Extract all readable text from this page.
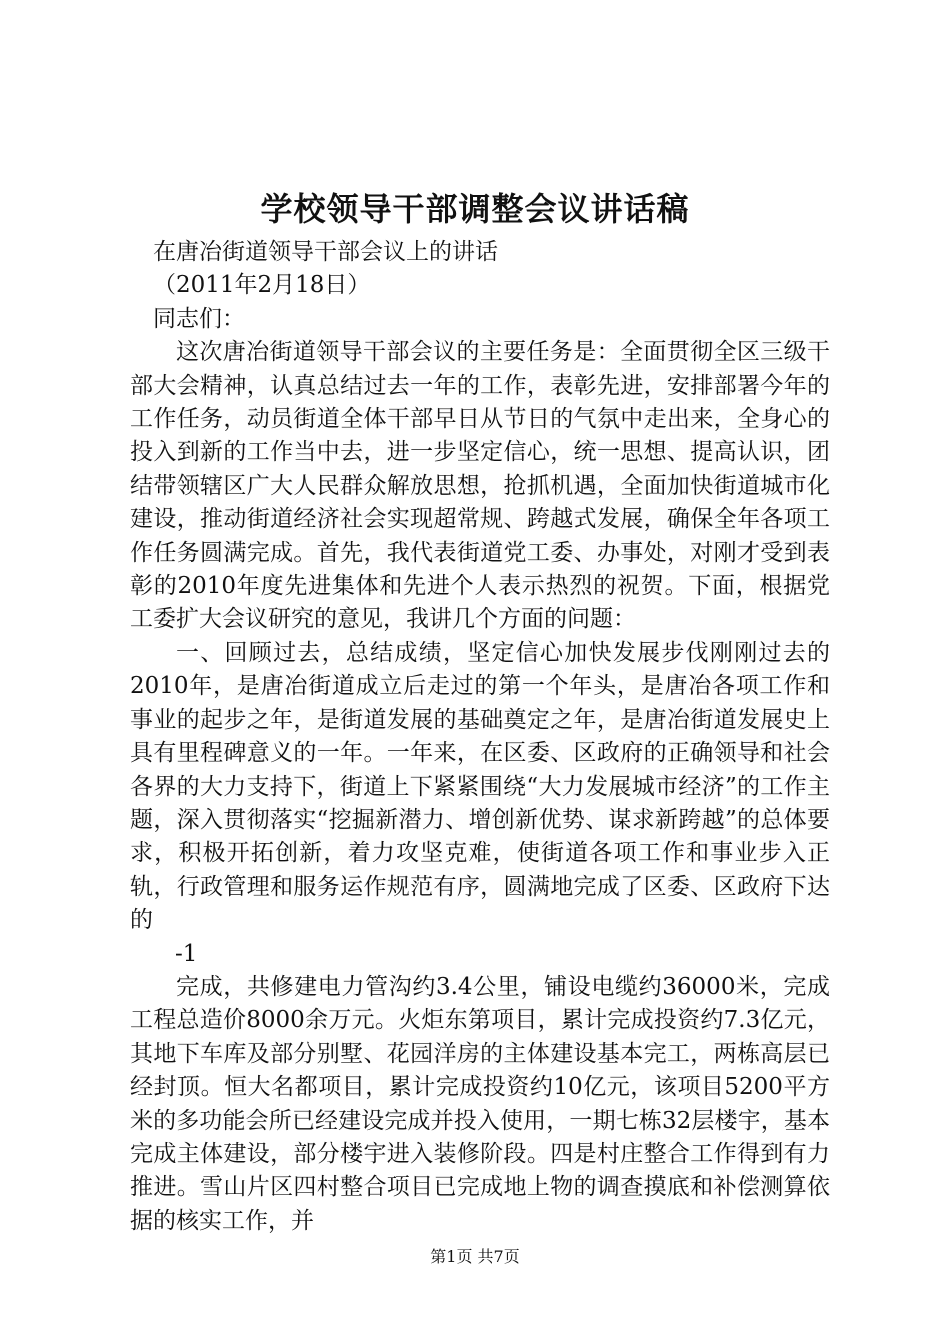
学校领导干部调整会议讲话稿

在唐冶街道领导干部会议上的讲话

（2011年2月18日）

同志们：

这次唐冶街道领导干部会议的主要任务是：全面贯彻全区三级干部大会精神，认真总结过去一年的工作，表彰先进，安排部署今年的工作任务，动员街道全体干部早日从节日的气氛中走出来，全身心的投入到新的工作当中去，进一步坚定信心，统一思想、提高认识，团结带领辖区广大人民群众解放思想，抢抓机遇，全面加快街道城市化建设，推动街道经济社会实现超常规、跨越式发展，确保全年各项工作任务圆满完成。首先，我代表街道党工委、办事处，对刚才受到表彰的2010年度先进集体和先进个人表示热烈的祝贺。下面，根据党工委扩大会议研究的意见，我讲几个方面的问题：

一、回顾过去，总结成绩，坚定信心加快发展步伐刚刚过去的2010年，是唐冶街道成立后走过的第一个年头，是唐冶各项工作和事业的起步之年，是街道发展的基础奠定之年，是唐冶街道发展史上具有里程碑意义的一年。一年来，在区委、区政府的正确领导和社会各界的大力支持下，街道上下紧紧围绕“大力发展城市经济”的工作主题，深入贯彻落实“挖掘新潜力、增创新优势、谋求新跨越”的总体要求，积极开拓创新，着力攻坚克难，使街道各项工作和事业步入正轨，行政管理和服务运作规范有序，圆满地完成了区委、区政府下达的

-1

完成，共修建电力管沟约3.4公里，铺设电缆约36000米，完成工程总造价8000余万元。火炬东第项目，累计完成投资约7.3亿元，其地下车库及部分别墅、花园洋房的主体建设基本完工，两栋高层已经封顶。恒大名都项目，累计完成投资约10亿元，该项目5200平方米的多功能会所已经建设完成并投入使用，一期七栋32层楼宇，基本完成主体建设，部分楼宇进入装修阶段。四是村庄整合工作得到有力推进。雪山片区四村整合项目已完成地上物的调查摸底和补偿测算依据的核实工作，并

第1页 共7页
